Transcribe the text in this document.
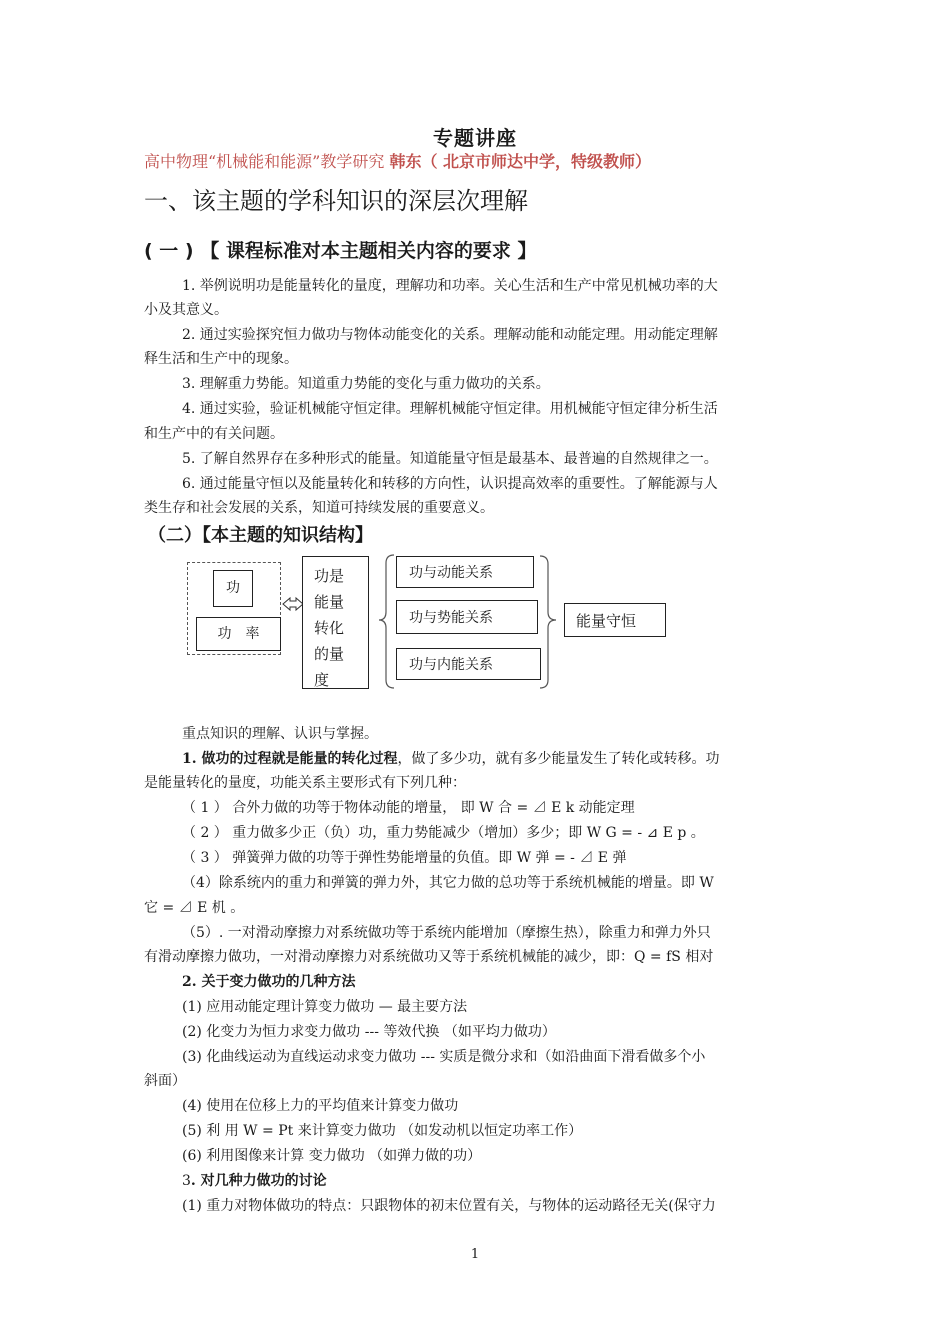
专题讲座
高中物理“机械能和能源”教学研究 韩东（ 北京市师达中学，特级教师）
一、该主题的学科知识的深层次理解
( 一 ) 【 课程标准对本主题相关内容的要求 】
1. 举例说明功是能量转化的量度，理解功和功率。关心生活和生产中常见机械功率的大
小及其意义。
2. 通过实验探究恒力做功与物体动能变化的关系。理解动能和动能定理。用动能定理解
释生活和生产中的现象。
3. 理解重力势能。知道重力势能的变化与重力做功的关系。
4. 通过实验，验证机械能守恒定律。理解机械能守恒定律。用机械能守恒定律分析生活
和生产中的有关问题。
5. 了解自然界存在多种形式的能量。知道能量守恒是最基本、最普遍的自然规律之一。
6. 通过能量守恒以及能量转化和转移的方向性，认识提高效率的重要性。了解能源与人
类生存和社会发展的关系，知道可持续发展的重要意义。
（二）【本主题的知识结构】
功
功　率
功是
能量
转化
的量
度
功与动能关系
功与势能关系
功与内能关系
能量守恒
重点知识的理解、认识与掌握。
1. 做功的过程就是能量的转化过程，做了多少功，就有多少能量发生了转化或转移。功
是能量转化的量度，功能关系主要形式有下列几种：
（ 1 ） 合外力做的功等于物体动能的增量， 即 W 合 = ⊿ E k 动能定理
（ 2 ） 重力做多少正（负）功，重力势能减少（增加）多少；即 W G = - ⊿ E p 。
（ 3 ） 弹簧弹力做的功等于弹性势能增量的负值。即 W 弹 = - ⊿ E 弹
（4）除系统内的重力和弹簧的弹力外，其它力做的总功等于系统机械能的增量。即 W
它 = ⊿ E 机 。
（5）. 一对滑动摩擦力对系统做功等于系统内能增加（摩擦生热），除重力和弹力外只
有滑动摩擦力做功，一对滑动摩擦力对系统做功又等于系统机械能的减少，即：Q = fS 相对
2. 关于变力做功的几种方法
(1) 应用动能定理计算变力做功 — 最主要方法
(2) 化变力为恒力求变力做功 --- 等效代换 （如平均力做功）
(3) 化曲线运动为直线运动求变力做功 --- 实质是微分求和（如沿曲面下滑看做多个小
斜面）
(4) 使用在位移上力的平均值来计算变力做功
(5) 利 用 W = Pt 来计算变力做功 （如发动机以恒定功率工作）
(6) 利用图像来计算 变力做功 （如弹力做的功）
3. 对几种力做功的讨论
(1) 重力对物体做功的特点：只跟物体的初末位置有关，与物体的运动路径无关(保守力
1
